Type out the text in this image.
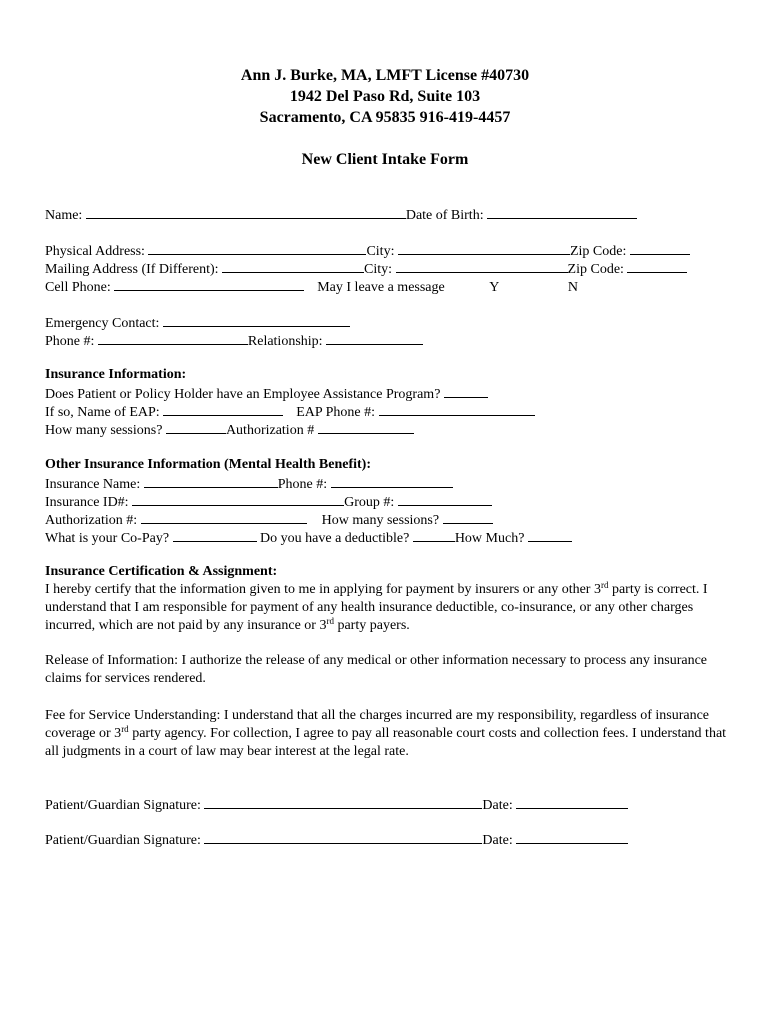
Ann J. Burke, MA, LMFT License #40730
1942 Del Paso Rd, Suite 103
Sacramento, CA 95835 916-419-4457
New Client Intake Form
Name:	Date of Birth:
Physical Address:	City:	Zip Code:
Mailing Address (If Different):	City:	Zip Code:
Cell Phone:	May I leave a message	Y	N
Emergency Contact:
Phone #:	Relationship:
Insurance Information:
Does Patient or Policy Holder have an Employee Assistance Program?
If so, Name of EAP:	EAP Phone #:
How many sessions?	Authorization #
Other Insurance Information (Mental Health Benefit):
Insurance Name:	Phone #:
Insurance ID#:	Group #:
Authorization #:	How many sessions?
What is your Co-Pay?	Do you have a deductible?	How Much?
Insurance Certification & Assignment:
I hereby certify that the information given to me in applying for payment by insurers or any other 3rd party is correct. I understand that I am responsible for payment of any health insurance deductible, co-insurance, or any other charges incurred, which are not paid by any insurance or 3rd party payers.
Release of Information: I authorize the release of any medical or other information necessary to process any insurance claims for services rendered.
Fee for Service Understanding: I understand that all the charges incurred are my responsibility, regardless of insurance coverage or 3rd party agency. For collection, I agree to pay all reasonable court costs and collection fees. I understand that all judgments in a court of law may bear interest at the legal rate.
Patient/Guardian Signature:	Date:
Patient/Guardian Signature:	Date:
